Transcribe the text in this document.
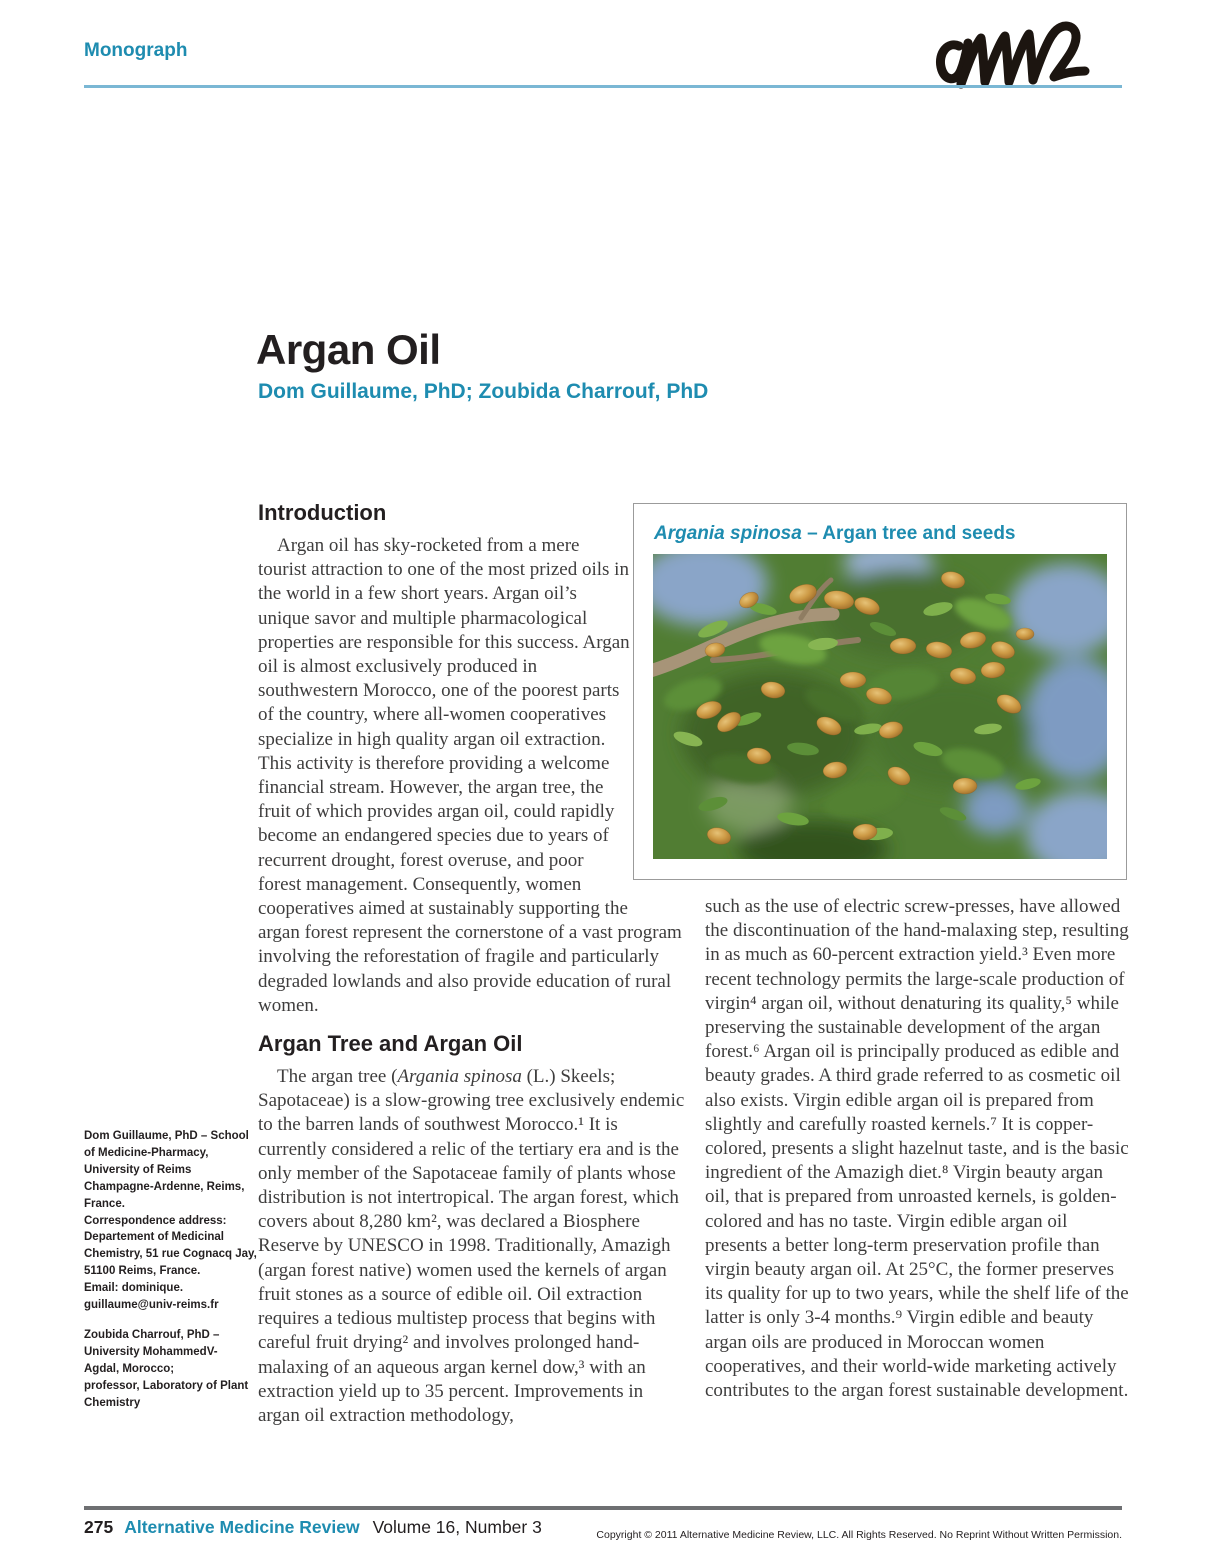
Monograph
Argan Oil
Dom Guillaume, PhD; Zoubida Charrouf, PhD
Introduction

Argan oil has sky-rocketed from a mere tourist attraction to one of the most prized oils in the world in a few short years. Argan oil’s unique savor and multiple pharmacological properties are responsible for this success. Argan oil is almost exclusively produced in southwestern Morocco, one of the poorest parts of the country, where all-women cooperatives specialize in high quality argan oil extraction. This activity is therefore providing a welcome financial stream. However, the argan tree, the fruit of which provides argan oil, could rapidly become an endangered species due to years of recurrent drought, forest overuse, and poor forest management. Consequently, women cooperatives aimed at sustainably supporting the argan forest represent the cornerstone of a vast program involving the reforestation of fragile and particularly degraded lowlands and also provide education of rural women.

Argan Tree and Argan Oil

The argan tree (Argania spinosa (L.) Skeels; Sapotaceae) is a slow-growing tree exclusively endemic to the barren lands of southwest Morocco.¹ It is currently considered a relic of the tertiary era and is the only member of the Sapotaceae family of plants whose distribution is not intertropical. The argan forest, which covers about 8,280 km², was declared a Biosphere Reserve by UNESCO in 1998. Traditionally, Amazigh (argan forest native) women used the kernels of argan fruit stones as a source of edible oil. Oil extraction requires a tedious multistep process that begins with careful fruit drying² and involves prolonged hand-malaxing of an aqueous argan kernel dow,³ with an extraction yield up to 35 percent. Improvements in argan oil extraction methodology,

such as the use of electric screw-presses, have allowed the discontinuation of the hand-malaxing step, resulting in as much as 60-percent extraction yield.³ Even more recent technology permits the large-scale production of virgin⁴ argan oil, without denaturing its quality,⁵ while preserving the sustainable development of the argan forest.⁶ Argan oil is principally produced as edible and beauty grades. A third grade referred to as cosmetic oil also exists. Virgin edible argan oil is prepared from slightly and carefully roasted kernels.⁷ It is copper-colored, presents a slight hazelnut taste, and is the basic ingredient of the Amazigh diet.⁸ Virgin beauty argan oil, that is prepared from unroasted kernels, is golden-colored and has no taste. Virgin edible argan oil presents a better long-term preservation profile than virgin beauty argan oil. At 25°C, the former preserves its quality for up to two years, while the shelf life of the latter is only 3-4 months.⁹ Virgin edible and beauty argan oils are produced in Moroccan women cooperatives, and their world-wide marketing actively contributes to the argan forest sustainable development.

Argania spinosa – Argan tree and seeds

Dom Guillaume, PhD – School
of Medicine-Pharmacy,
University of Reims
Champagne-Ardenne, Reims,
France.
Correspondence address:
Departement of Medicinal
Chemistry, 51 rue Cognacq Jay,
51100 Reims, France.
Email: dominique.
guillaume@univ-reims.fr

Zoubida Charrouf, PhD –
University MohammedV-
Agdal, Morocco;
professor, Laboratory of Plant
Chemistry

275 Alternative Medicine Review Volume 16, Number 3	Copyright © 2011 Alternative Medicine Review, LLC. All Rights Reserved. No Reprint Without Written Permission.
